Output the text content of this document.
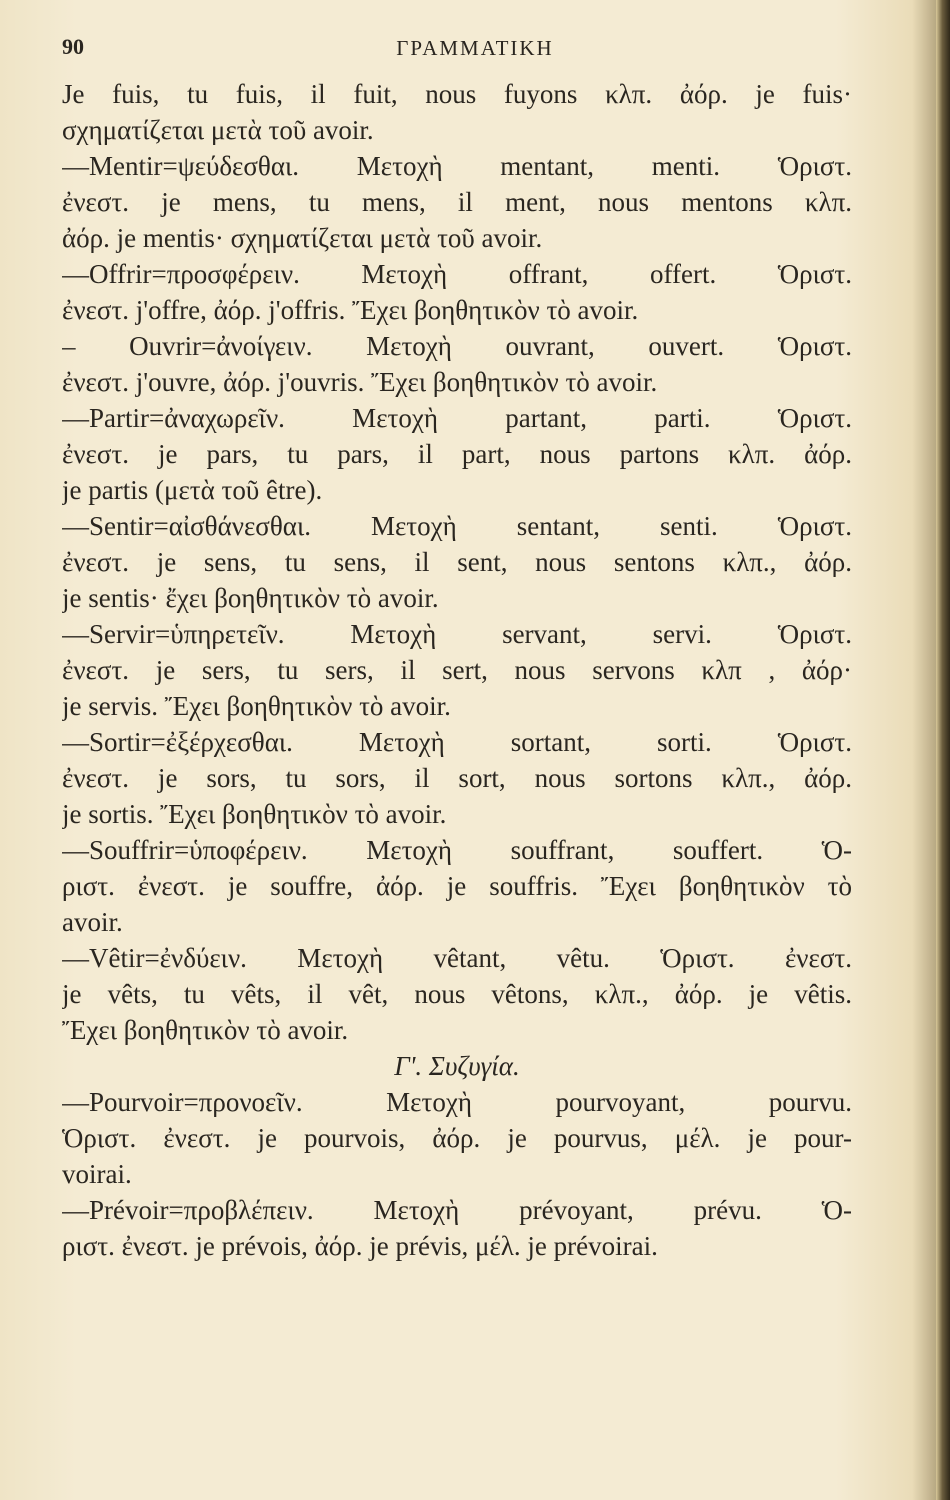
90	ΓΡΑΜΜΑΤΙΚΗ
Je fuis, tu fuis, il fuit, nous fuyons κλπ. ἀόρ. je fuis·
σχηματίζεται μετὰ τοῦ avoir.
—Mentir=ψεύδεσθαι. Μετοχὴ mentant, menti. Ὁριστ.
ἐνεστ. je mens, tu mens, il ment, nous mentons κλπ.
ἀόρ. je mentis· σχηματίζεται μετὰ τοῦ avoir.
—Offrir=προσφέρειν. Μετοχὴ offrant, offert. Ὁριστ.
ἐνεστ. j'offre, ἀόρ. j'offris. Ἔχει βοηθητικὸν τὸ avoir.
– Ouvrir=ἀνοίγειν. Μετοχὴ ouvrant, ouvert. Ὁριστ.
ἐνεστ. j'ouvre, ἀόρ. j'ouvris. Ἔχει βοηθητικὸν τὸ avoir.
—Partir=ἀναχωρεῖν. Μετοχὴ partant, parti. Ὁριστ.
ἐνεστ. je pars, tu pars, il part, nous partons κλπ. ἀόρ.
je partis (μετὰ τοῦ être).
—Sentir=αἰσθάνεσθαι. Μετοχὴ sentant, senti. Ὁριστ.
ἐνεστ. je sens, tu sens, il sent, nous sentons κλπ., ἀόρ.
je sentis· ἔχει βοηθητικὸν τὸ avoir.
—Servir=ὑπηρετεῖν. Μετοχὴ servant, servi. Ὁριστ.
ἐνεστ. je sers, tu sers, il sert, nous servons κλπ , ἀόρ·
je servis. Ἔχει βοηθητικὸν τὸ avoir.
—Sortir=ἐξέρχεσθαι. Μετοχὴ sortant, sorti. Ὁριστ.
ἐνεστ. je sors, tu sors, il sort, nous sortons κλπ., ἀόρ.
je sortis. Ἔχει βοηθητικὸν τὸ avoir.
—Souffrir=ὑποφέρειν. Μετοχὴ souffrant, souffert. Ὁ-
ριστ. ἐνεστ. je souffre, ἀόρ. je souffris. Ἔχει βοηθητικὸν τὸ
avoir.
—Vêtir=ἐνδύειν. Μετοχὴ vêtant, vêtu. Ὁριστ. ἐνεστ.
je vêts, tu vêts, il vêt, nous vêtons, κλπ., ἀόρ. je vêtis.
Ἔχει βοηθητικὸν τὸ avoir.
Γ'. Συζυγία.
—Pourvoir=προνοεῖν. Μετοχὴ pourvoyant, pourvu.
Ὁριστ. ἐνεστ. je pourvois, ἀόρ. je pourvus, μέλ. je pour-
voirai.
—Prévoir=προβλέπειν. Μετοχὴ prévoyant, prévu. Ὁ-
ριστ. ἐνεστ. je prévois, ἀόρ. je prévis, μέλ. je prévoirai.
